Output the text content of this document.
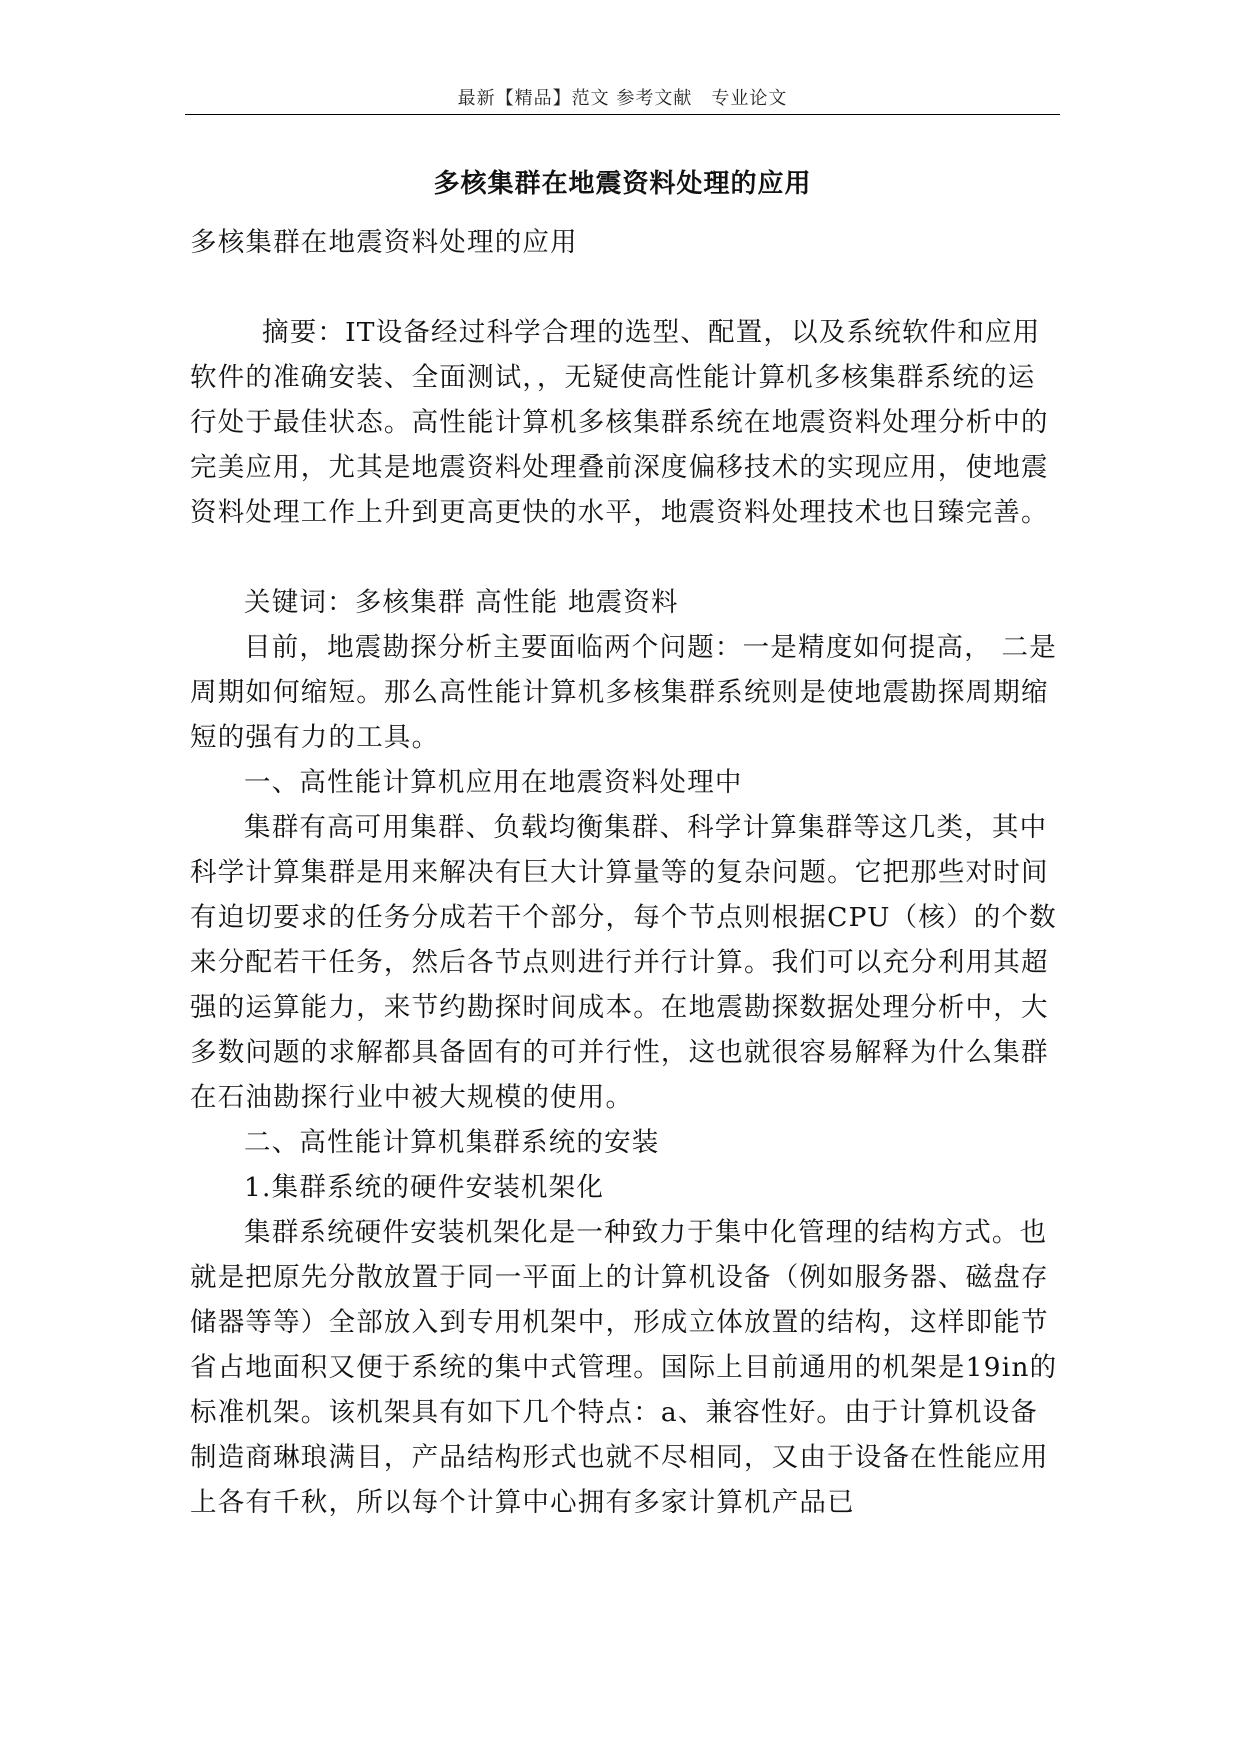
最新【精品】范文 参考文献　专业论文
多核集群在地震资料处理的应用

多核集群在地震资料处理的应用

摘要：IT设备经过科学合理的选型、配置，以及系统软件和应用软件的准确安装、全面测试，，无疑使高性能计算机多核集群系统的运行处于最佳状态。高性能计算机多核集群系统在地震资料处理分析中的完美应用，尤其是地震资料处理叠前深度偏移技术的实现应用，使地震资料处理工作上升到更高更快的水平，地震资料处理技术也日臻完善。

关键词：多核集群 高性能 地震资料

目前，地震勘探分析主要面临两个问题：一是精度如何提高， 二是周期如何缩短。那么高性能计算机多核集群系统则是使地震勘探周期缩短的强有力的工具。

一、高性能计算机应用在地震资料处理中

集群有高可用集群、负载均衡集群、科学计算集群等这几类，其中科学计算集群是用来解决有巨大计算量等的复杂问题。它把那些对时间有迫切要求的任务分成若干个部分，每个节点则根据CPU（核）的个数来分配若干任务，然后各节点则进行并行计算。我们可以充分利用其超强的运算能力，来节约勘探时间成本。在地震勘探数据处理分析中，大多数问题的求解都具备固有的可并行性，这也就很容易解释为什么集群在石油勘探行业中被大规模的使用。

二、高性能计算机集群系统的安装

1.集群系统的硬件安装机架化

集群系统硬件安装机架化是一种致力于集中化管理的结构方式。也就是把原先分散放置于同一平面上的计算机设备（例如服务器、磁盘存储器等等）全部放入到专用机架中，形成立体放置的结构，这样即能节省占地面积又便于系统的集中式管理。国际上目前通用的机架是19in的标准机架。该机架具有如下几个特点：a、兼容性好。由于计算机设备制造商琳琅满目，产品结构形式也就不尽相同，又由于设备在性能应用上各有千秋，所以每个计算中心拥有多家计算机产品已
